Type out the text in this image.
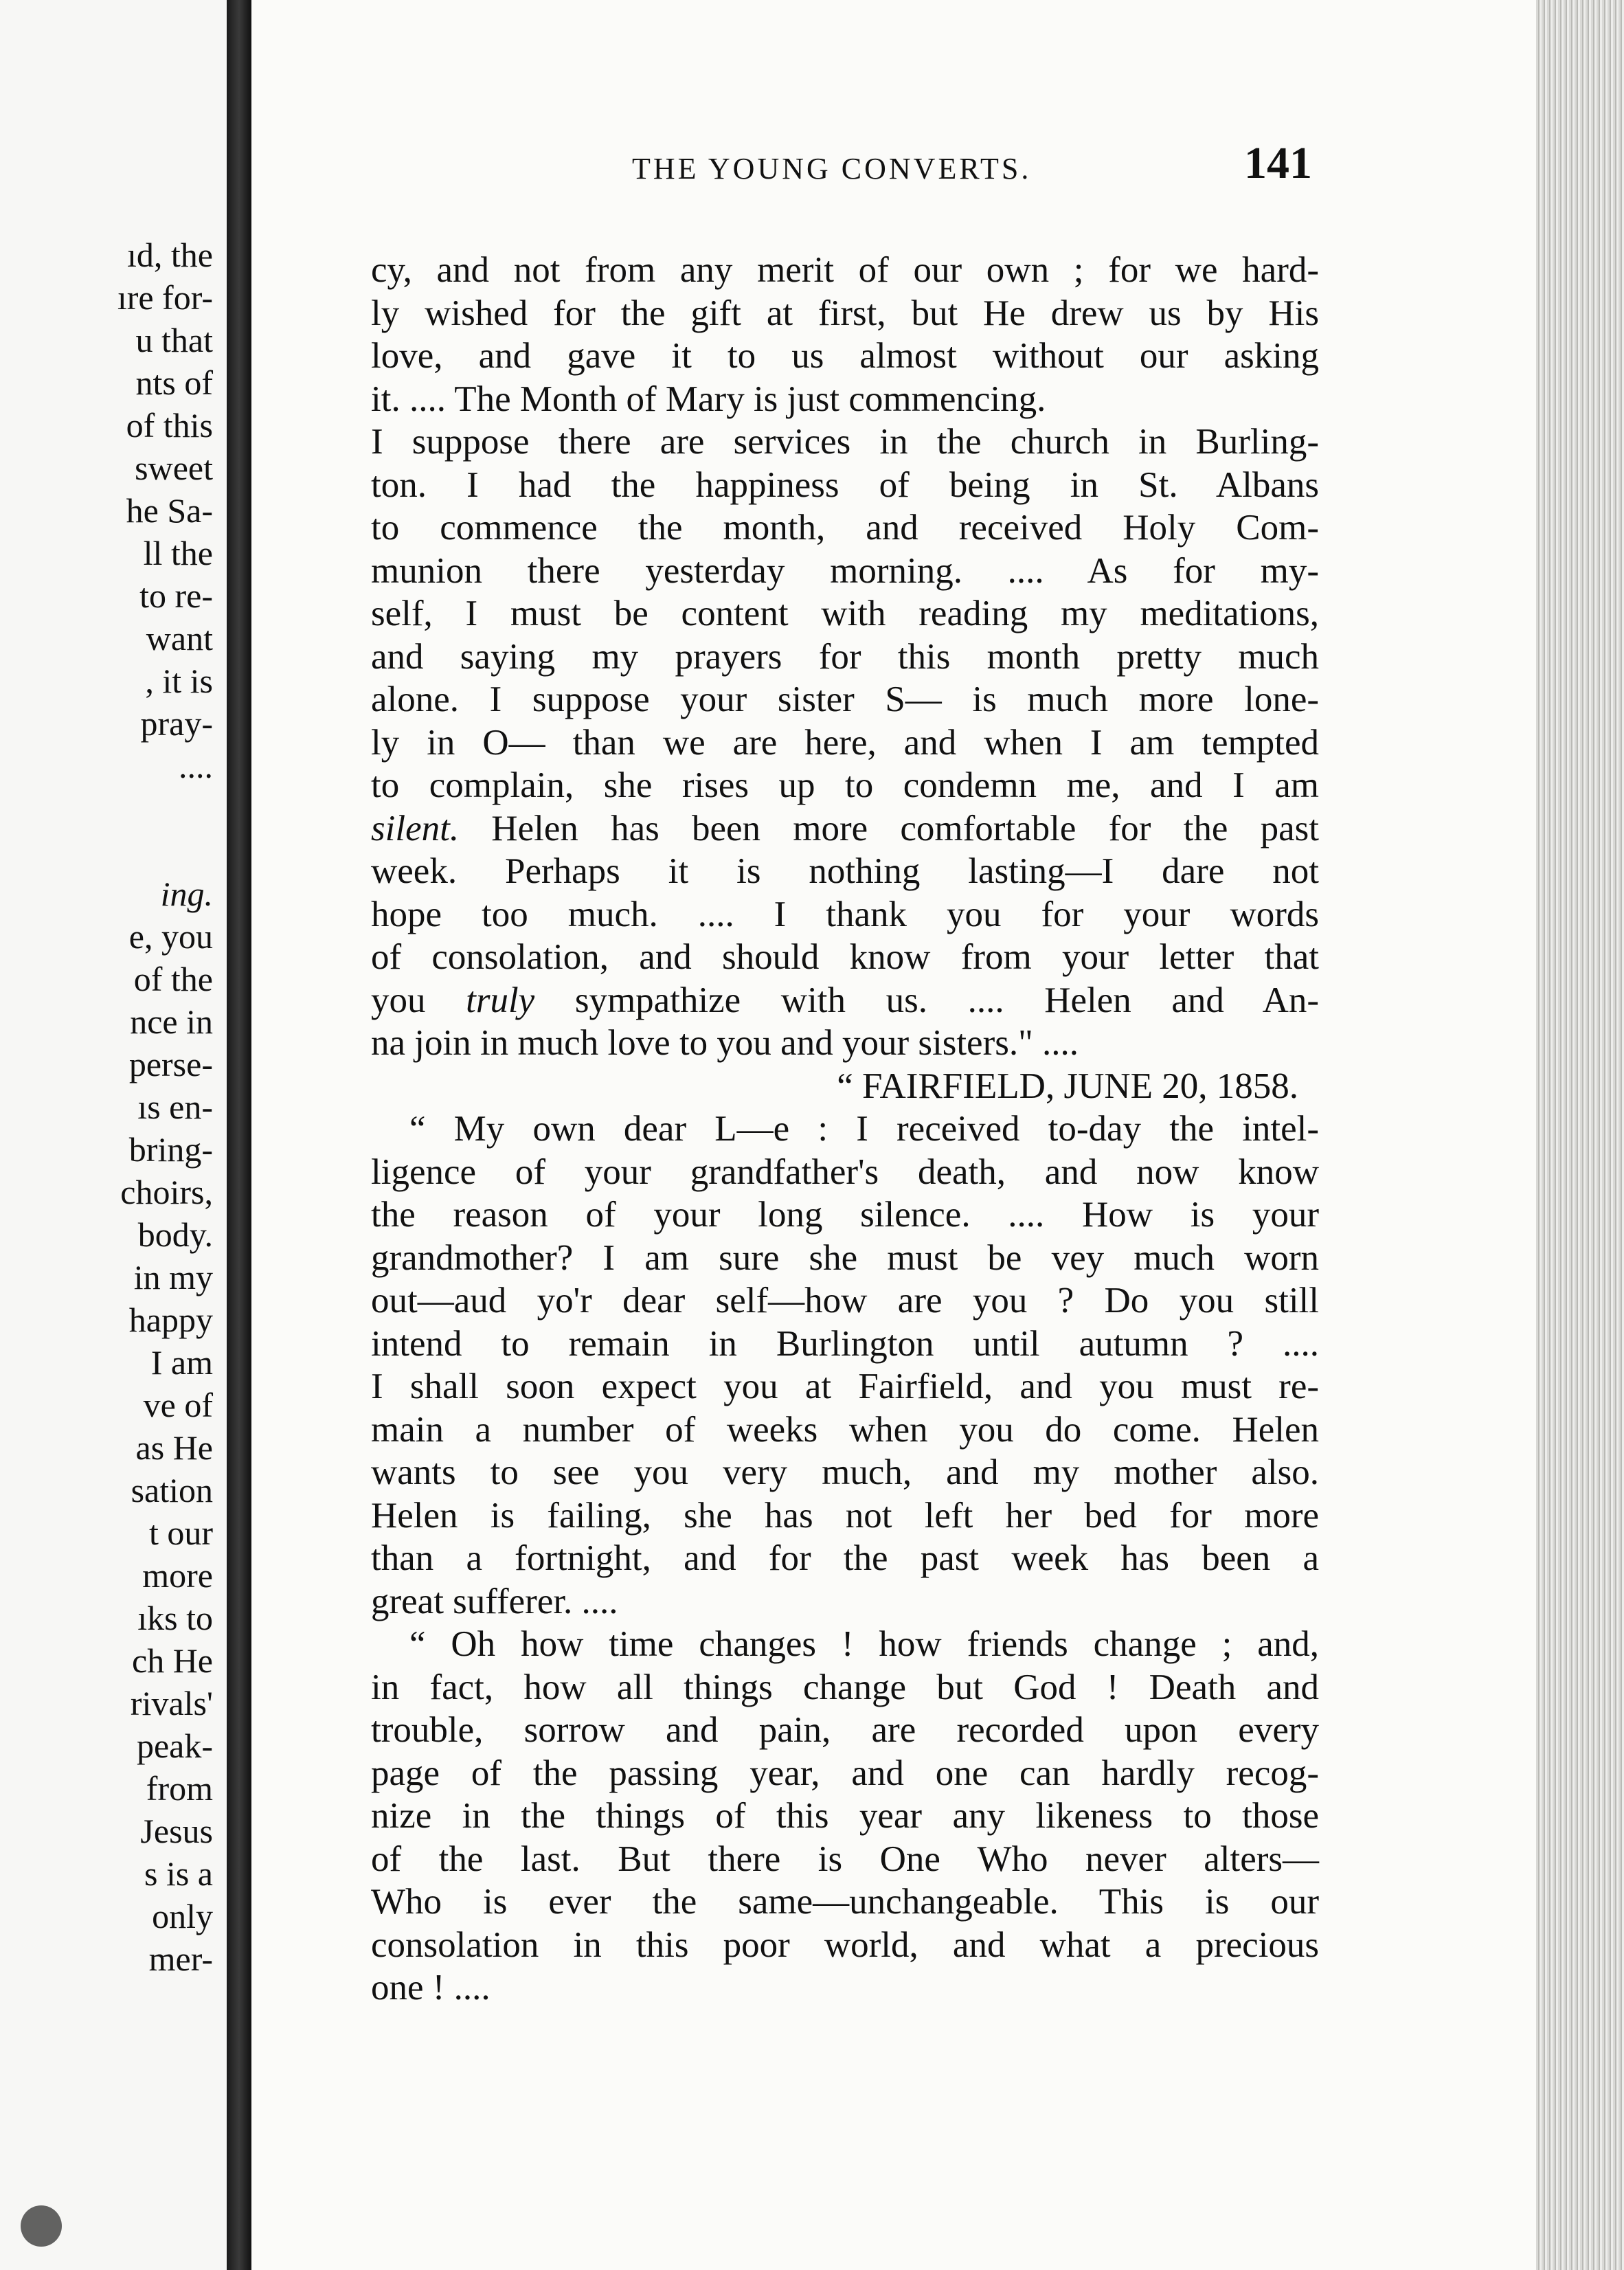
ıd, the
ıre for-
u that
nts of
of this
sweet
he Sa-
ll the
to re-
want
, it is
pray-
....
ing.
e, you
of the
nce in
perse-
ıs en-
bring-
choirs,
body.
in my
happy
I am
ve of
as He
sation
t our
more
ıks to
ch He
rivals'
peak-
from
Jesus
s is a
only
mer-
THE YOUNG CONVERTS.	141
cy, and not from any merit of our own ; for we hard-
ly wished for the gift at first, but He drew us by His
love, and gave it to us almost without our asking
it. .... The Month of Mary is just commencing.
I suppose there are services in the church in Burling-
ton. I had the happiness of being in St. Albans
to commence the month, and received Holy Com-
munion there yesterday morning. .... As for my-
self, I must be content with reading my meditations,
and saying my prayers for this month pretty much
alone. I suppose your sister S— is much more lone-
ly in O— than we are here, and when I am tempted
to complain, she rises up to condemn me, and I am
silent. Helen has been more comfortable for the past
week. Perhaps it is nothing lasting—I dare not
hope too much. .... I thank you for your words
of consolation, and should know from your letter that
you truly sympathize with us. .... Helen and An-
na join in much love to you and your sisters." ....
“ FAIRFIELD, JUNE 20, 1858.
“ My own dear L—e : I received to-day the intel-
ligence of your grandfather's death, and now know
the reason of your long silence. .... How is your
grandmother? I am sure she must be vey much worn
out—aud yo'r dear self—how are you ? Do you still
intend to remain in Burlington until autumn ? ....
I shall soon expect you at Fairfield, and you must re-
main a number of weeks when you do come. Helen
wants to see you very much, and my mother also.
Helen is failing, she has not left her bed for more
than a fortnight, and for the past week has been a
great sufferer. ....
“ Oh how time changes ! how friends change ; and,
in fact, how all things change but God ! Death and
trouble, sorrow and pain, are recorded upon every
page of the passing year, and one can hardly recog-
nize in the things of this year any likeness to those
of the last. But there is One Who never alters—
Who is ever the same—unchangeable. This is our
consolation in this poor world, and what a precious
one ! ....
